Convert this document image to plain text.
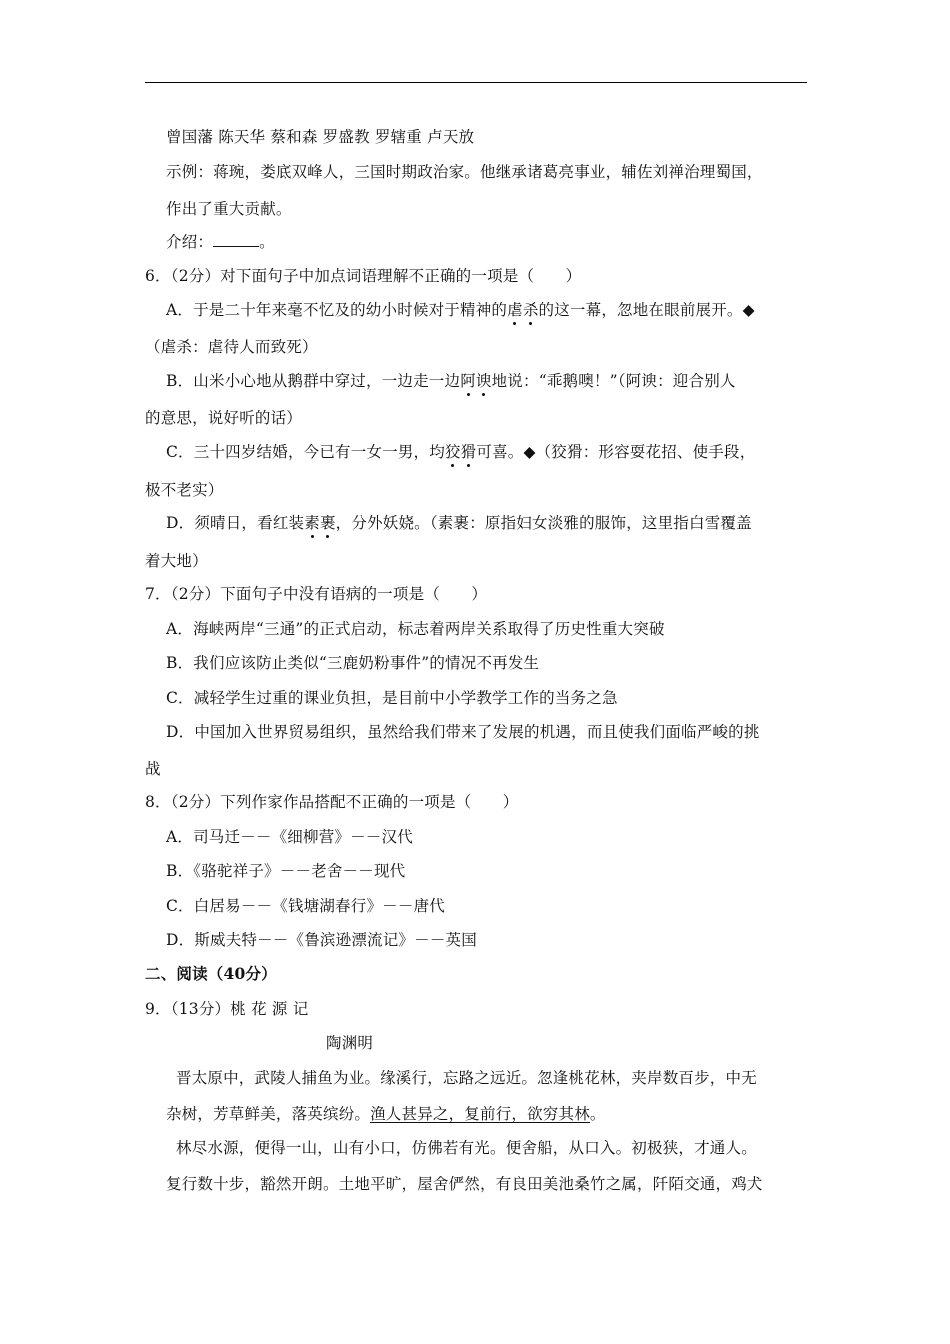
曾国藩 陈天华 蔡和森 罗盛教 罗辖重 卢天放
示例：蒋琬，娄底双峰人，三国时期政治家。他继承诸葛亮事业，辅佐刘禅治理蜀国，
作出了重大贡献。
介绍：	。
6．（2分）对下面句子中加点词语理解不正确的一项是（　　）
A．于是二十年来毫不忆及的幼小时候对于精神的虐杀的这一幕，忽地在眼前展开。◆
（虐杀：虐待人而致死）
B．山米小心地从鹅群中穿过，一边走一边阿谀地说：“乖鹅噢！”（阿谀：迎合别人
的意思，说好听的话）
C．三十四岁结婚，今已有一女一男，均狡猾可喜。◆（狡猾：形容耍花招、使手段，
极不老实）
D．须晴日，看红装素裹，分外妖娆。（素裹：原指妇女淡雅的服饰，这里指白雪覆盖
着大地）
7．（2分）下面句子中没有语病的一项是（　　）
A．海峡两岸“三通”的正式启动，标志着两岸关系取得了历史性重大突破
B．我们应该防止类似“三鹿奶粉事件”的情况不再发生
C．减轻学生过重的课业负担，是目前中小学教学工作的当务之急
D．中国加入世界贸易组织，虽然给我们带来了发展的机遇，而且使我们面临严峻的挑
战
8．（2分）下列作家作品搭配不正确的一项是（　　）
A．司马迁－－《细柳营》－－汉代
B．《骆驼祥子》－－老舍－－现代
C．白居易－－《钱塘湖春行》－－唐代
D．斯威夫特－－《鲁滨逊漂流记》－－英国
二、阅读（40分）
9．（13分）桃 花 源 记
陶渊明
晋太原中，武陵人捕鱼为业。缘溪行，忘路之远近。忽逢桃花林，夹岸数百步，中无
杂树，芳草鲜美，落英缤纷。渔人甚异之，复前行，欲穷其林。
林尽水源，便得一山，山有小口，仿佛若有光。便舍船，从口入。初极狭，才通人。
复行数十步，豁然开朗。土地平旷，屋舍俨然，有良田美池桑竹之属，阡陌交通，鸡犬
